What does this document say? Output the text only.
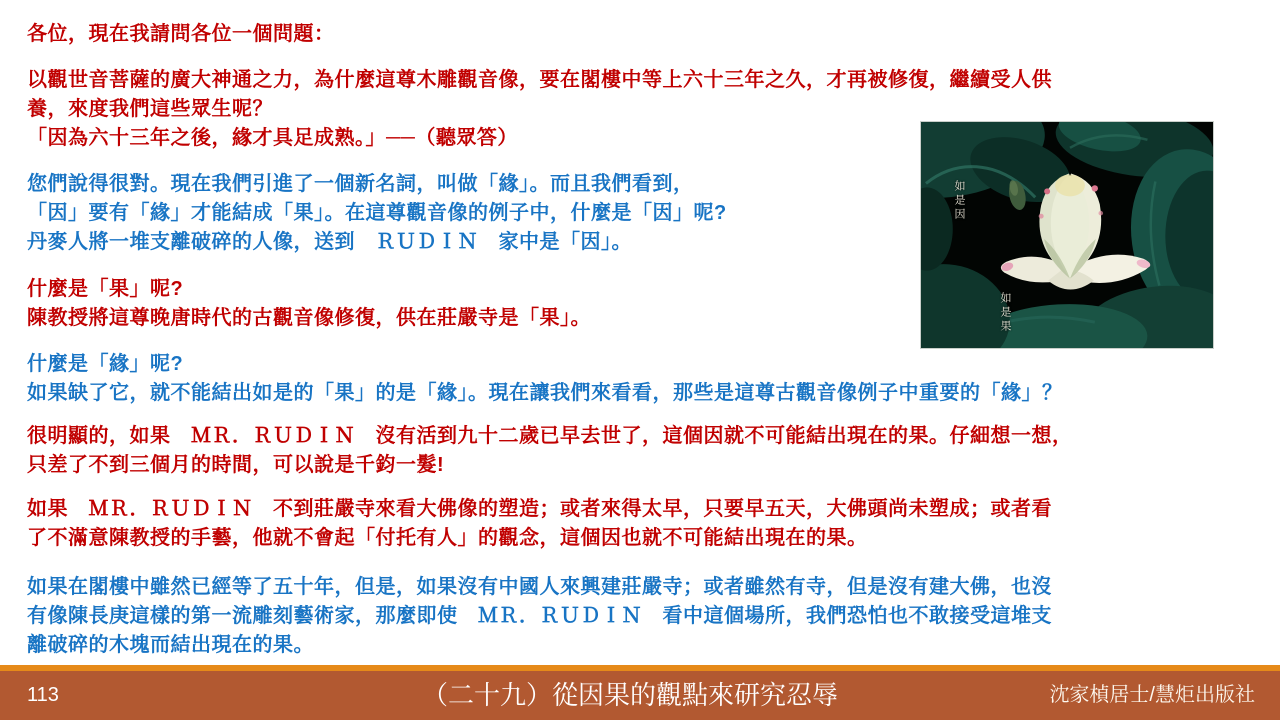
各位，現在我請問各位一個問題：
以觀世音菩薩的廣大神通之力，為什麼這尊木雕觀音像，要在閣樓中等上六十三年之久，才再被修復，繼續受人供
養，來度我們這些眾生呢？
「因為六十三年之後，緣才具足成熟。」──（聽眾答）
您們說得很對。現在我們引進了一個新名詞，叫做「緣」。而且我們看到，
「因」要有「緣」才能結成「果」。在這尊觀音像的例子中，什麼是「因」呢?
丹麥人將一堆支離破碎的人像，送到　ＲＵＤＩＮ　家中是「因」。
什麼是「果」呢?
陳教授將這尊晚唐時代的古觀音像修復，供在莊嚴寺是「果」。
什麼是「緣」呢?
如果缺了它，就不能結出如是的「果」的是「緣」。現在讓我們來看看，那些是這尊古觀音像例子中重要的「緣」？
很明顯的，如果　ＭＲ．ＲＵＤＩＮ　沒有活到九十二歲已早去世了，這個因就不可能結出現在的果。仔細想一想，
只差了不到三個月的時間，可以說是千鈞一髮!
如果　ＭＲ．ＲＵＤＩＮ　不到莊嚴寺來看大佛像的塑造；或者來得太早，只要早五天，大佛頭尚未塑成；或者看
了不滿意陳教授的手藝，他就不會起「付托有人」的觀念，這個因也就不可能結出現在的果。
如果在閣樓中雖然已經等了五十年，但是，如果沒有中國人來興建莊嚴寺；或者雖然有寺，但是沒有建大佛，也沒
有像陳長庚這樣的第一流雕刻藝術家，那麼即使　ＭＲ．ＲＵＤＩＮ　看中這個場所，我們恐怕也不敢接受這堆支
離破碎的木塊而結出現在的果。
如是因
如是果
113	（二十九）從因果的觀點來研究忍辱	沈家楨居士/慧炬出版社
